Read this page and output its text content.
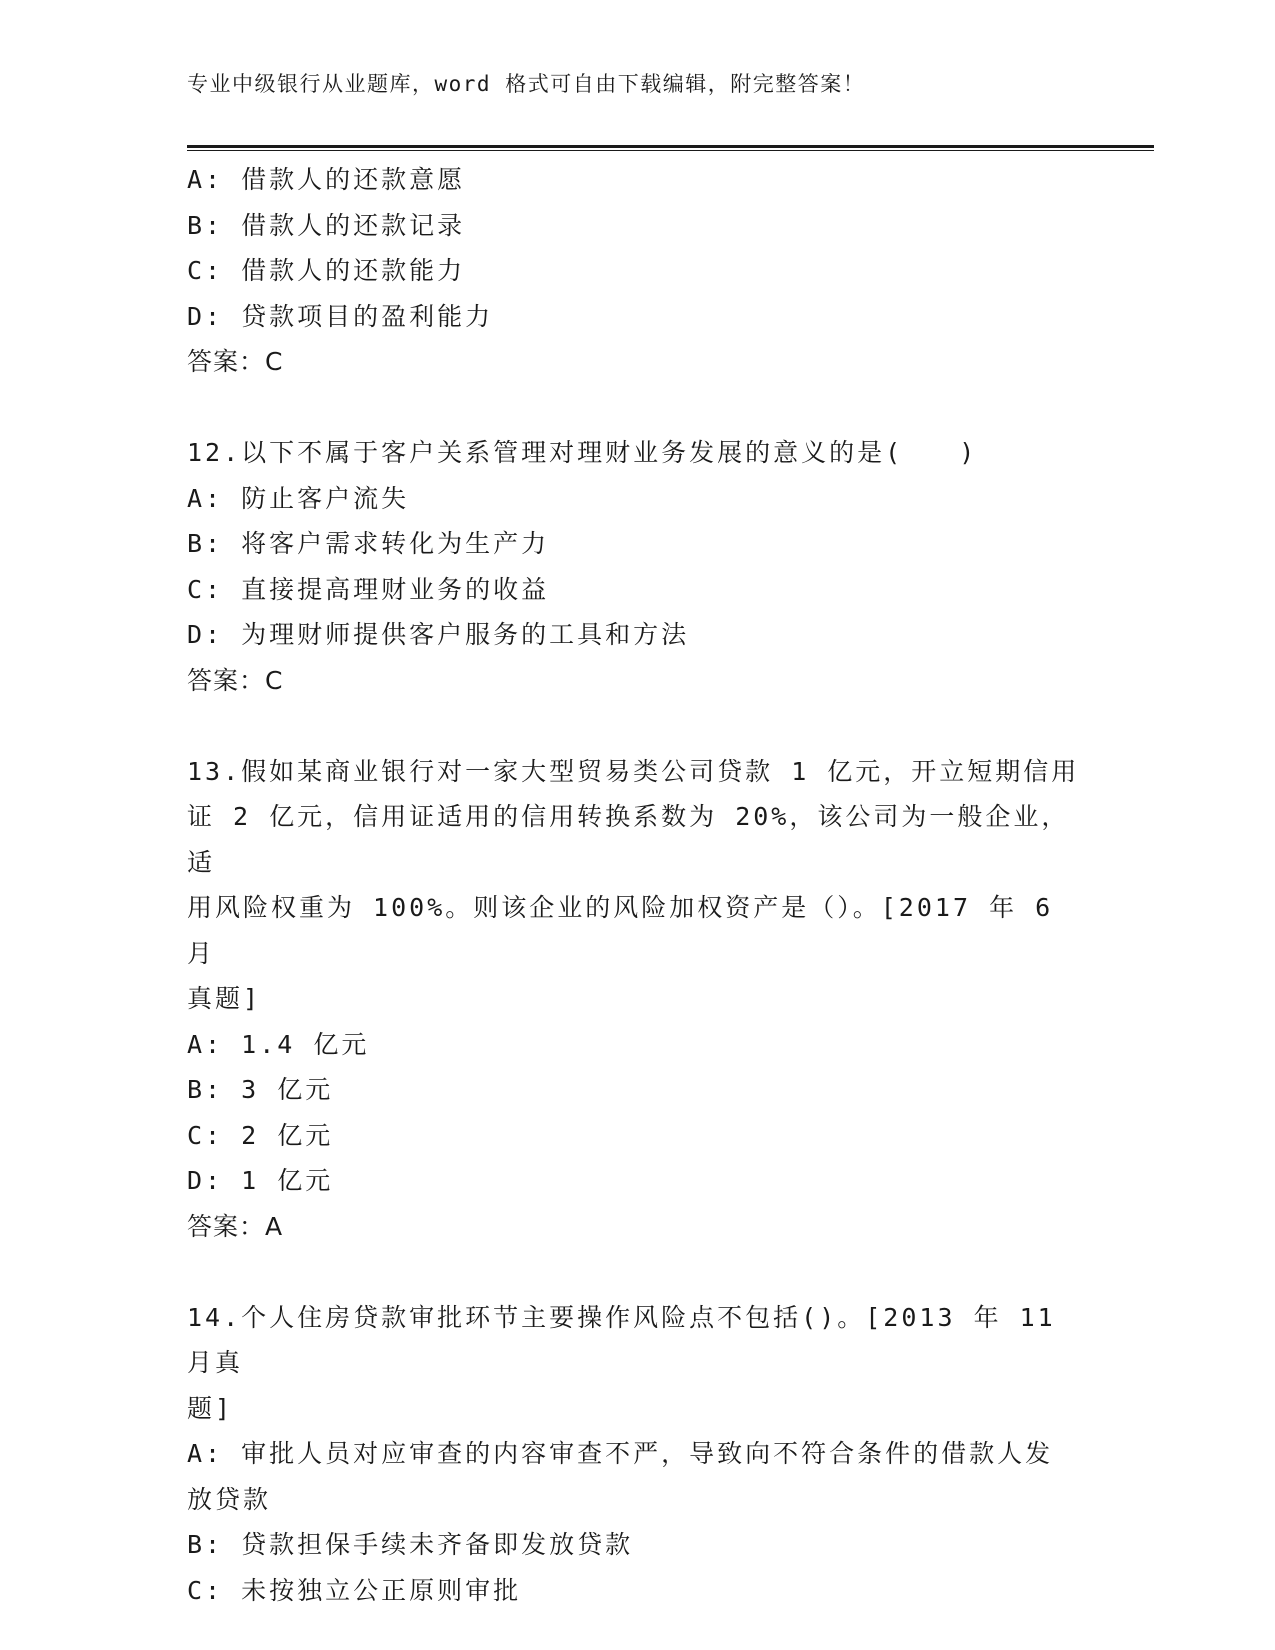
专业中级银行从业题库，word 格式可自由下载编辑，附完整答案！
A: 借款人的还款意愿
B: 借款人的还款记录
C: 借款人的还款能力
D: 贷款项目的盈利能力
答案：C
12.以下不属于客户关系管理对理财业务发展的意义的是(　　)
A: 防止客户流失
B: 将客户需求转化为生产力
C: 直接提高理财业务的收益
D: 为理财师提供客户服务的工具和方法
答案：C
13.假如某商业银行对一家大型贸易类公司贷款 1 亿元，开立短期信用
证 2 亿元，信用证适用的信用转换系数为 20%，该公司为一般企业，适
用风险权重为 100%。则该企业的风险加权资产是（）。[2017 年 6 月
真题]
A: 1.4 亿元
B: 3 亿元
C: 2 亿元
D: 1 亿元
答案：A
14.个人住房贷款审批环节主要操作风险点不包括()。[2013 年 11 月真
题]
A: 审批人员对应审查的内容审查不严，导致向不符合条件的借款人发
放贷款
B: 贷款担保手续未齐备即发放贷款
C: 未按独立公正原则审批
